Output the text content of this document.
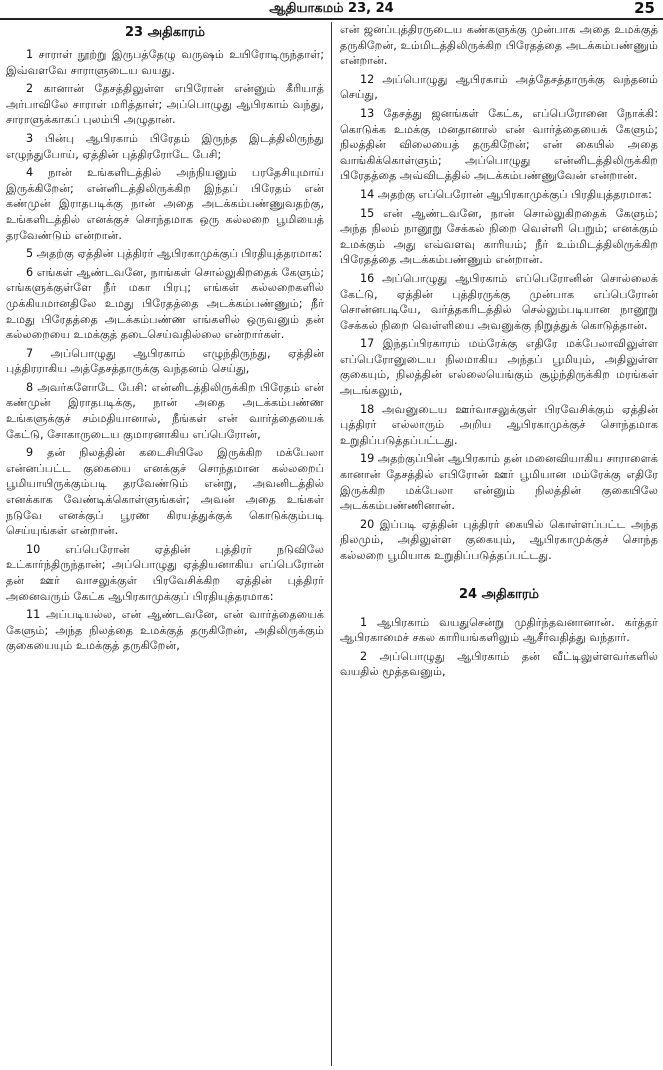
ஆதியாகமம் 23, 24	25
23 அதிகாரம்

1 சாராள் நூற்று இருபத்தேழு வருஷம் உயிரோடிருந்தாள்; இவ்வளவே சாராளுடைய வயது.

2 கானான் தேசத்திலுள்ள எபிரோன் என்னும் கீரியாத் அர்பாவிலே சாராள் மரித்தாள்; அப்பொழுது ஆபிரகாம் வந்து, சாராளுக்காகப் புலம்பி அழுதான்.

3 பின்பு ஆபிரகாம் பிரேதம் இருந்த இடத்திலிருந்து எழுந்துபோய், ஏத்தின் புத்திரரோடே பேசி;

4 நான் உங்களிடத்தில் அந்நியனும் பரதேசியுமாய் இருக்கிறேன்; என்னிடத்திலிருக்கிற இந்தப் பிரேதம் என் கண்முன் இராதபடிக்கு நான் அதை அடக்கம்பண்ணுவதற்கு, உங்களிடத்தில் எனக்குச் சொந்தமாக ஒரு கல்லறை பூமியைத் தரவேண்டும் என்றான்.

5 அதற்கு ஏத்தின் புத்திரர் ஆபிரகாமுக்குப் பிரதியுத்தரமாக:

6 எங்கள் ஆண்டவனே, நாங்கள் சொல்லுகிறதைக் கேளும்; எங்களுக்குள்ளே நீர் மகா பிரபு; எங்கள் கல்லறைகளில் முக்கியமானதிலே உமது பிரேதத்தை அடக்கம்பண்ணும்; நீர் உமது பிரேதத்தை அடக்கம்பண்ண எங்களில் ஒருவனும் தன் கல்லறையை உமக்குத் தடைசெய்வதில்லை என்றார்கள்.

7 அப்பொழுது ஆபிரகாம் எழுந்திருந்து, ஏத்தின் புத்திரராகிய அத்தேசத்தாருக்கு வந்தனம் செய்து,

8 அவர்களோடே பேசி: என்னிடத்திலிருக்கிற பிரேதம் என் கண்முன் இராதபடிக்கு, நான் அதை அடக்கம்பண்ண உங்களுக்குச் சம்மதியானால், நீங்கள் என் வார்த்தையைக் கேட்டு, சோகாருடைய குமாரனாகிய எப்பெரோன்,

9 தன் நிலத்தின் கடைசியிலே இருக்கிற மக்பேலா என்னப்பட்ட குகையை எனக்குச் சொந்தமான கல்லறைப் பூமியாயிருக்கும்படி தரவேண்டும் என்று, அவனிடத்தில் எனக்காக வேண்டிக்கொள்ளுங்கள்; அவன் அதை உங்கள் நடுவே எனக்குப் பூரண கிரயத்துக்குக் கொடுக்கும்படி செய்யுங்கள் என்றான்.

10 எப்பெரோன் ஏத்தின் புத்திரர் நடுவிலே உட்கார்ந்திருந்தான்; அப்பொழுது ஏத்தியனாகிய எப்பெரோன் தன் ஊர் வாசலுக்குள் பிரவேசிக்கிற ஏத்தின் புத்திரர் அனைவரும் கேட்க ஆபிரகாமுக்குப் பிரதியுத்தரமாக:

11 அப்படியல்ல, என் ஆண்டவனே, என் வார்த்தையைக் கேளும்; அந்த நிலத்தை உமக்குத் தருகிறேன், அதிலிருக்கும் குகையையும் உமக்குத் தருகிறேன்,

என் ஜனப்புத்திரருடைய கண்களுக்கு முன்பாக அதை உமக்குத் தருகிறேன், உம்மிடத்திலிருக்கிற பிரேதத்தை அடக்கம்பண்ணும் என்றான்.

12 அப்பொழுது ஆபிரகாம் அத்தேசத்தாருக்கு வந்தனம் செய்து,

13 தேசத்து ஜனங்கள் கேட்க, எப்பெரோனை நோக்கி: கொடுக்க உமக்கு மனதானால் என் வார்த்தையைக் கேளும்; நிலத்தின் விலையைத் தருகிறேன்; என் கையில் அதை வாங்கிக்கொள்ளும்; அப்பொழுது என்னிடத்திலிருக்கிற பிரேதத்தை அவ்விடத்தில் அடக்கம்பண்ணுவேன் என்றான்.

14 அதற்கு எப்பெரோன் ஆபிரகாமுக்குப் பிரதியுத்தரமாக:

15 என் ஆண்டவனே, நான் சொல்லுகிறதைக் கேளும்; அந்த நிலம் நானூறு சேக்கல் நிறை வெள்ளி பெறும்; எனக்கும் உமக்கும் அது எவ்வளவு காரியம்; நீர் உம்மிடத்திலிருக்கிற பிரேதத்தை அடக்கம்பண்ணும் என்றான்.

16 அப்பொழுது ஆபிரகாம் எப்பெரோனின் சொல்லைக் கேட்டு, ஏத்தின் புத்திரருக்கு முன்பாக எப்பெரோன் சொன்னபடியே, வர்த்தகரிடத்தில் செல்லும்படியான நானூறு சேக்கல் நிறை வெள்ளியை அவனுக்கு நிறுத்துக் கொடுத்தான்.

17 இந்தப்பிரகாரம் மம்ரேக்கு எதிரே மக்பேலாவிலுள்ள எப்பெரோனுடைய நிலமாகிய அந்தப் பூமியும், அதிலுள்ள குகையும், நிலத்தின் எல்லையெங்கும் சூழ்ந்திருக்கிற மரங்கள் அடங்கலும்,

18 அவனுடைய ஊர்வாசலுக்குள் பிரவேசிக்கும் ஏத்தின் புத்திரர் எல்லாரும் அறிய ஆபிரகாமுக்குச் சொந்தமாக உறுதிப்படுத்தப்பட்டது.

19 அதற்குப்பின் ஆபிரகாம் தன் மனைவியாகிய சாராளைக் கானான் தேசத்தில் எபிரோன் ஊர் பூமியான மம்ரேக்கு எதிரே இருக்கிற மக்பேலா என்னும் நிலத்தின் குகையிலே அடக்கம்பண்ணினான்.

20 இப்படி ஏத்தின் புத்திரர் கையில் கொள்ளப்பட்ட அந்த நிலமும், அதிலுள்ள குகையும், ஆபிரகாமுக்குச் சொந்த கல்லறை பூமியாக உறுதிப்படுத்தப்பட்டது.

24 அதிகாரம்

1 ஆபிரகாம் வயதுசென்று முதிர்ந்தவனானான். கர்த்தர் ஆபிரகாமைச் சகல காரியங்களிலும் ஆசீர்வதித்து வந்தார்.

2 அப்பொழுது ஆபிரகாம் தன் வீட்டிலுள்ளவர்களில் வயதில் மூத்தவனும்,
